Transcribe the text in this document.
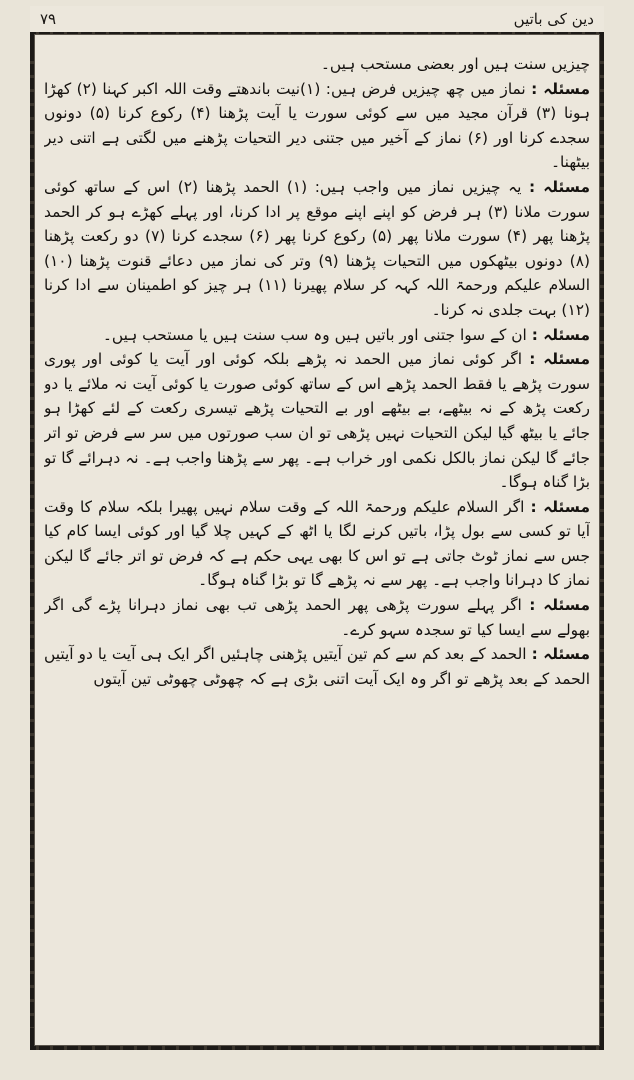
۷۹	دین کی باتیں

چیزیں سنت ہیں اور بعضی مستحب ہیں۔

مسئلہ : نماز میں چھ چیزیں فرض ہیں: (۱)نیت باندھتے وقت اللہ اکبر کہنا (۲) کھڑا ہونا (۳) قرآن مجید میں سے کوئی سورت یا آیت پڑھنا (۴) رکوع کرنا (۵) دونوں سجدے کرنا اور (۶) نماز کے آخیر میں جتنی دیر التحیات پڑھنے میں لگتی ہے اتنی دیر بیٹھنا۔

مسئلہ : یہ چیزیں نماز میں واجب ہیں: (۱) الحمد پڑھنا (۲) اس کے ساتھ کوئی سورت ملانا (۳) ہر فرض کو اپنے اپنے موقع پر ادا کرنا، اور پہلے کھڑے ہو کر الحمد پڑھنا پھر (۴) سورت ملانا پھر (۵) رکوع کرنا پھر (۶) سجدے کرنا (۷) دو رکعت پڑھنا (۸) دونوں بیٹھکوں میں التحیات پڑھنا (۹) وتر کی نماز میں دعائے قنوت پڑھنا (۱۰) السلام علیکم ورحمۃ اللہ کہہ کر سلام پھیرنا (۱۱) ہر چیز کو اطمینان سے ادا کرنا (۱۲) بہت جلدی نہ کرنا۔

مسئلہ : ان کے سوا جتنی اور باتیں ہیں وہ سب سنت ہیں یا مستحب ہیں۔

مسئلہ : اگر کوئی نماز میں الحمد نہ پڑھے بلکہ کوئی اور آیت یا کوئی اور پوری سورت پڑھے یا فقط الحمد پڑھے اس کے ساتھ کوئی صورت یا کوئی آیت نہ ملائے یا دو رکعت پڑھ کے نہ بیٹھے، بے بیٹھے اور بے التحیات پڑھے تیسری رکعت کے لئے کھڑا ہو جائے یا بیٹھ گیا لیکن التحیات نہیں پڑھی تو ان سب صورتوں میں سر سے فرض تو اتر جائے گا لیکن نماز بالکل نکمی اور خراب ہے۔ پھر سے پڑھنا واجب ہے۔ نہ دہرائے گا تو بڑا گناہ ہوگا۔

مسئلہ : اگر السلام علیکم ورحمۃ اللہ کے وقت سلام نہیں پھیرا بلکہ سلام کا وقت آیا تو کسی سے بول پڑا، باتیں کرنے لگا یا اٹھ کے کہیں چلا گیا اور کوئی ایسا کام کیا جس سے نماز ٹوٹ جاتی ہے تو اس کا بھی یہی حکم ہے کہ فرض تو اتر جائے گا لیکن نماز کا دہرانا واجب ہے۔ پھر سے نہ پڑھے گا تو بڑا گناہ ہوگا۔

مسئلہ : اگر پہلے سورت پڑھی پھر الحمد پڑھی تب بھی نماز دہرانا پڑے گی اگر بھولے سے ایسا کیا تو سجدہ سہو کرے۔

مسئلہ : الحمد کے بعد کم سے کم تین آیتیں پڑھنی چاہئیں اگر ایک ہی آیت یا دو آیتیں الحمد کے بعد پڑھے تو اگر وہ ایک آیت اتنی بڑی ہے کہ چھوٹی چھوٹی تین آیتوں
